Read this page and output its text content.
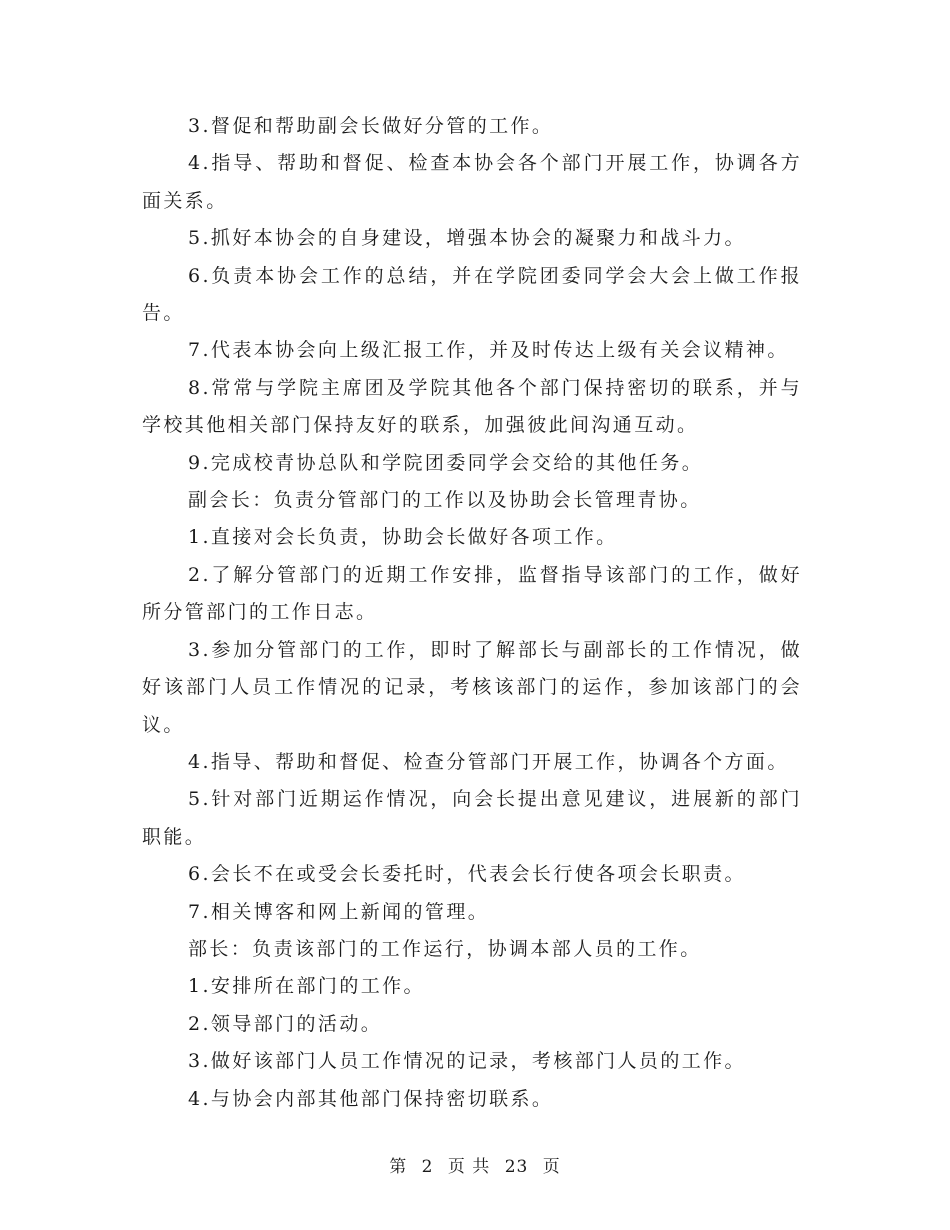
3.督促和帮助副会长做好分管的工作。

4.指导、帮助和督促、检查本协会各个部门开展工作，协调各方面关系。

5.抓好本协会的自身建设，增强本协会的凝聚力和战斗力。

6.负责本协会工作的总结，并在学院团委同学会大会上做工作报告。

7.代表本协会向上级汇报工作，并及时传达上级有关会议精神。

8.常常与学院主席团及学院其他各个部门保持密切的联系，并与学校其他相关部门保持友好的联系，加强彼此间沟通互动。

9.完成校青协总队和学院团委同学会交给的其他任务。

副会长：负责分管部门的工作以及协助会长管理青协。

1.直接对会长负责，协助会长做好各项工作。

2.了解分管部门的近期工作安排，监督指导该部门的工作，做好所分管部门的工作日志。

3.参加分管部门的工作，即时了解部长与副部长的工作情况，做好该部门人员工作情况的记录，考核该部门的运作，参加该部门的会议。

4.指导、帮助和督促、检查分管部门开展工作，协调各个方面。

5.针对部门近期运作情况，向会长提出意见建议，进展新的部门职能。

6.会长不在或受会长委托时，代表会长行使各项会长职责。

7.相关博客和网上新闻的管理。

部长：负责该部门的工作运行，协调本部人员的工作。

1.安排所在部门的工作。

2.领导部门的活动。

3.做好该部门人员工作情况的记录，考核部门人员的工作。

4.与协会内部其他部门保持密切联系。

第 2 页 共 23 页
